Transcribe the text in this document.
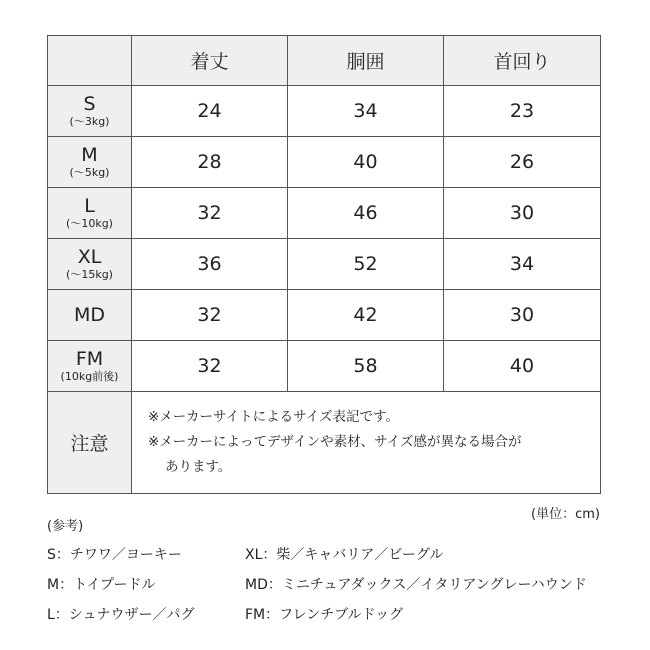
	着丈	胴囲	首回り

S
(〜3kg)	24	34	23

M
(〜5kg)	28	40	26

L
(〜10kg)	32	46	30

XL
(〜15kg)	36	52	34

MD	32	42	30

FM
(10kg前後)	32	58	40
注意	※メーカーサイトによるサイズ表記です。
※メーカーによってデザインや素材、サイズ感が異なる場合が
あります。		
(単位：cm)
(参考)
S：チワワ／ヨーキー	XL：柴／キャバリア／ビーグル
M：トイプードル	MD：ミニチュアダックス／イタリアングレーハウンド
L：シュナウザー／パグ	FM：フレンチブルドッグ
